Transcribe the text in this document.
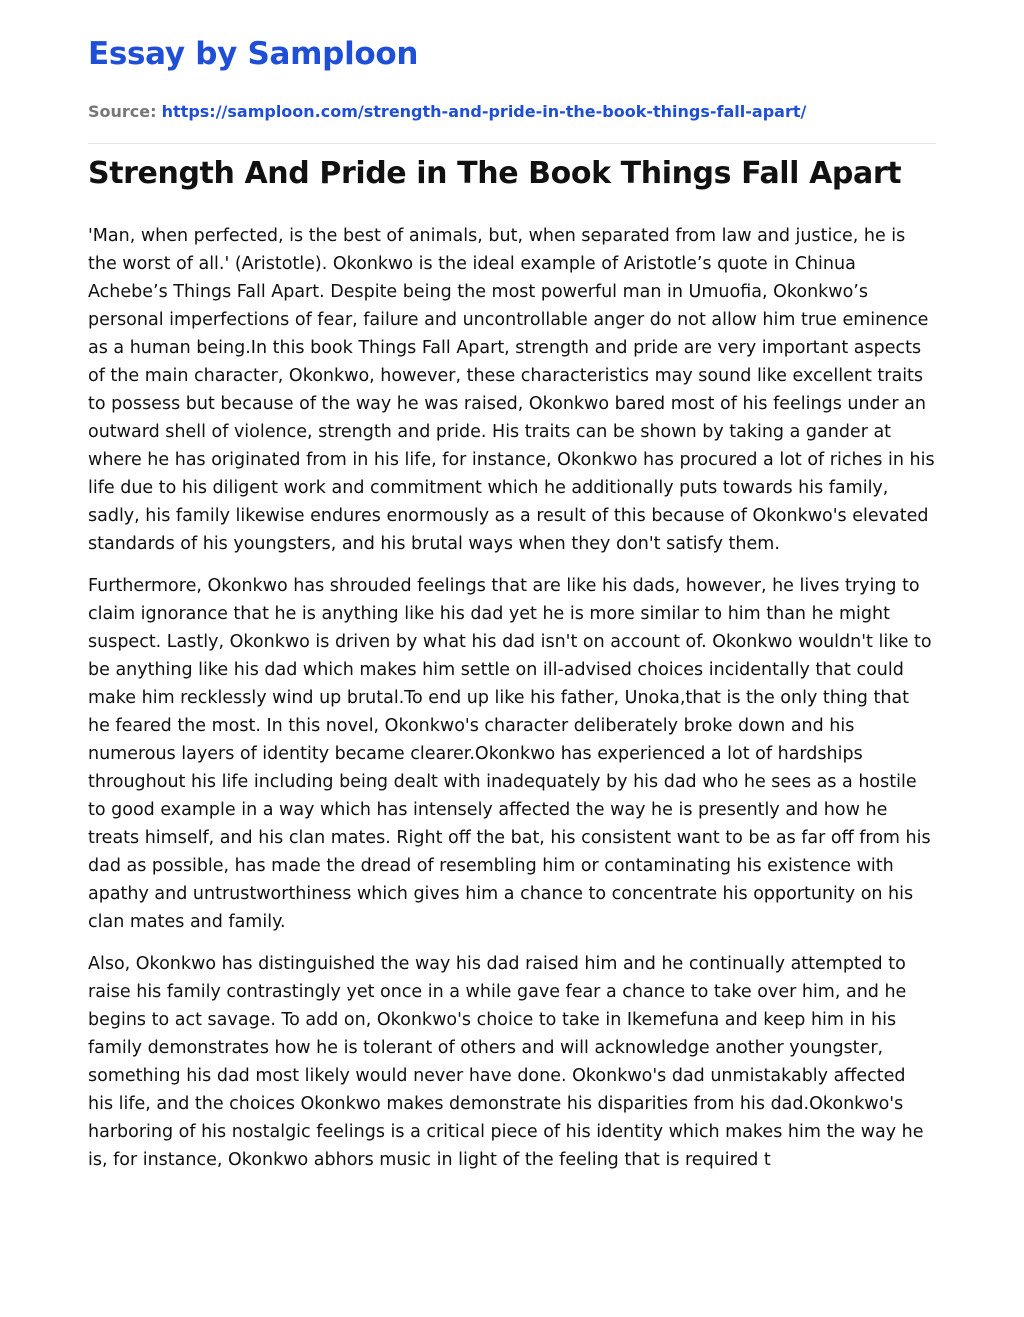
Essay by Samploon
Source: https://samploon.com/strength-and-pride-in-the-book-things-fall-apart/
Strength And Pride in The Book Things Fall Apart

'Man, when perfected, is the best of animals, but, when separated from law and justice, he is the worst of all.' (Aristotle). Okonkwo is the ideal example of Aristotle’s quote in Chinua Achebe’s Things Fall Apart. Despite being the most powerful man in Umuofia, Okonkwo’s personal imperfections of fear, failure and uncontrollable anger do not allow him true eminence as a human being.In this book Things Fall Apart, strength and pride are very important aspects of the main character, Okonkwo, however, these characteristics may sound like excellent traits to possess but because of the way he was raised, Okonkwo bared most of his feelings under an outward shell of violence, strength and pride. His traits can be shown by taking a gander at where he has originated from in his life, for instance, Okonkwo has procured a lot of riches in his life due to his diligent work and commitment which he additionally puts towards his family, sadly, his family likewise endures enormously as a result of this because of Okonkwo's elevated standards of his youngsters, and his brutal ways when they don't satisfy them.

Furthermore, Okonkwo has shrouded feelings that are like his dads, however, he lives trying to claim ignorance that he is anything like his dad yet he is more similar to him than he might suspect. Lastly, Okonkwo is driven by what his dad isn't on account of. Okonkwo wouldn't like to be anything like his dad which makes him settle on ill-advised choices incidentally that could make him recklessly wind up brutal.To end up like his father, Unoka,that is the only thing that he feared the most. In this novel, Okonkwo's character deliberately broke down and his numerous layers of identity became clearer.Okonkwo has experienced a lot of hardships throughout his life including being dealt with inadequately by his dad who he sees as a hostile to good example in a way which has intensely affected the way he is presently and how he treats himself, and his clan mates. Right off the bat, his consistent want to be as far off from his dad as possible, has made the dread of resembling him or contaminating his existence with apathy and untrustworthiness which gives him a chance to concentrate his opportunity on his clan mates and family.

Also, Okonkwo has distinguished the way his dad raised him and he continually attempted to raise his family contrastingly yet once in a while gave fear a chance to take over him, and he begins to act savage. To add on, Okonkwo's choice to take in Ikemefuna and keep him in his family demonstrates how he is tolerant of others and will acknowledge another youngster, something his dad most likely would never have done. Okonkwo's dad unmistakably affected his life, and the choices Okonkwo makes demonstrate his disparities from his dad.Okonkwo's harboring of his nostalgic feelings is a critical piece of his identity which makes him the way he is, for instance, Okonkwo abhors music in light of the feeling that is required t
